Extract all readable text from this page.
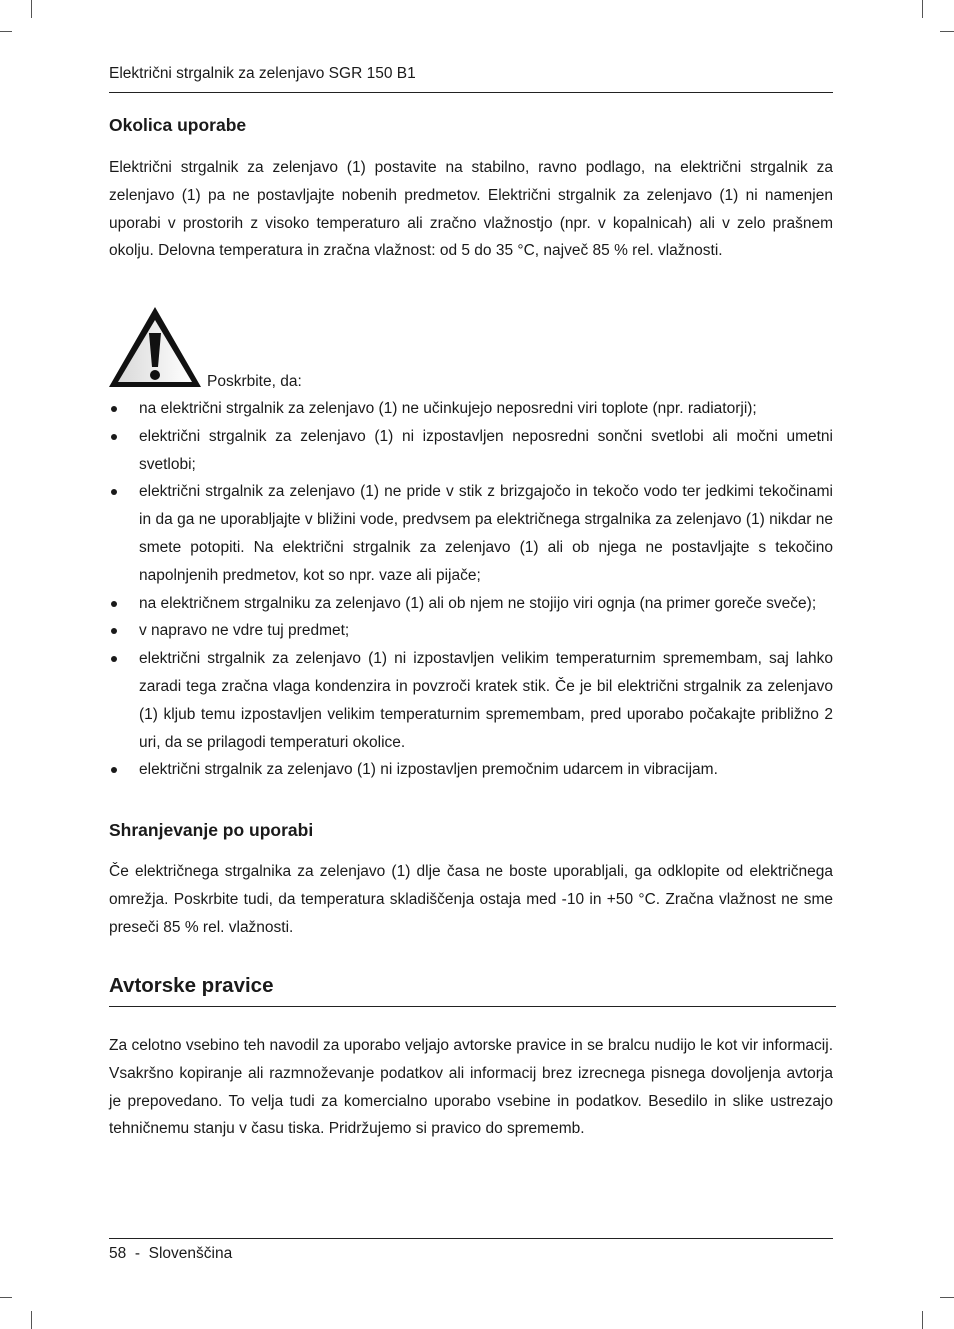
Električni strgalnik za zelenjavo SGR 150 B1
Okolica uporabe
Električni strgalnik za zelenjavo (1) postavite na stabilno, ravno podlago, na električni strgalnik za zelenjavo (1) pa ne postavljajte nobenih predmetov. Električni strgalnik za zelenjavo (1) ni namenjen uporabi v prostorih z visoko temperaturo ali zračno vlažnostjo (npr. v kopalnicah) ali v zelo prašnem okolju. Delovna temperatura in zračna vlažnost: od 5 do 35 °C, največ 85 % rel. vlažnosti.
Poskrbite, da:
na električni strgalnik za zelenjavo (1) ne učinkujejo neposredni viri toplote (npr. radiatorji);
električni strgalnik za zelenjavo (1) ni izpostavljen neposredni sončni svetlobi ali močni umetni svetlobi;
električni strgalnik za zelenjavo (1) ne pride v stik z brizgajočo in tekočo vodo ter jedkimi tekočinami in da ga ne uporabljajte v bližini vode, predvsem pa električnega strgalnika za zelenjavo (1) nikdar ne smete potopiti. Na električni strgalnik za zelenjavo (1) ali ob njega ne postavljajte s tekočino napolnjenih predmetov, kot so npr. vaze ali pijače;
na električnem strgalniku za zelenjavo (1) ali ob njem ne stojijo viri ognja (na primer goreče sveče);
v napravo ne vdre tuj predmet;
električni strgalnik za zelenjavo (1) ni izpostavljen velikim temperaturnim spremembam, saj lahko zaradi tega zračna vlaga kondenzira in povzroči kratek stik. Če je bil električni strgalnik za zelenjavo (1) kljub temu izpostavljen velikim temperaturnim spremembam, pred uporabo počakajte približno 2 uri, da se prilagodi temperaturi okolice.
električni strgalnik za zelenjavo (1) ni izpostavljen premočnim udarcem in vibracijam.
Shranjevanje po uporabi
Če električnega strgalnika za zelenjavo (1) dlje časa ne boste uporabljali, ga odklopite od električnega omrežja. Poskrbite tudi, da temperatura skladiščenja ostaja med -10 in +50 °C. Zračna vlažnost ne sme preseči 85 % rel. vlažnosti.
Avtorske pravice
Za celotno vsebino teh navodil za uporabo veljajo avtorske pravice in se bralcu nudijo le kot vir informacij. Vsakršno kopiranje ali razmnoževanje podatkov ali informacij brez izrecnega pisnega dovoljenja avtorja je prepovedano. To velja tudi za komercialno uporabo vsebine in podatkov. Besedilo in slike ustrezajo tehničnemu stanju v času tiska. Pridržujemo si pravico do sprememb.
58  -  Slovenščina
